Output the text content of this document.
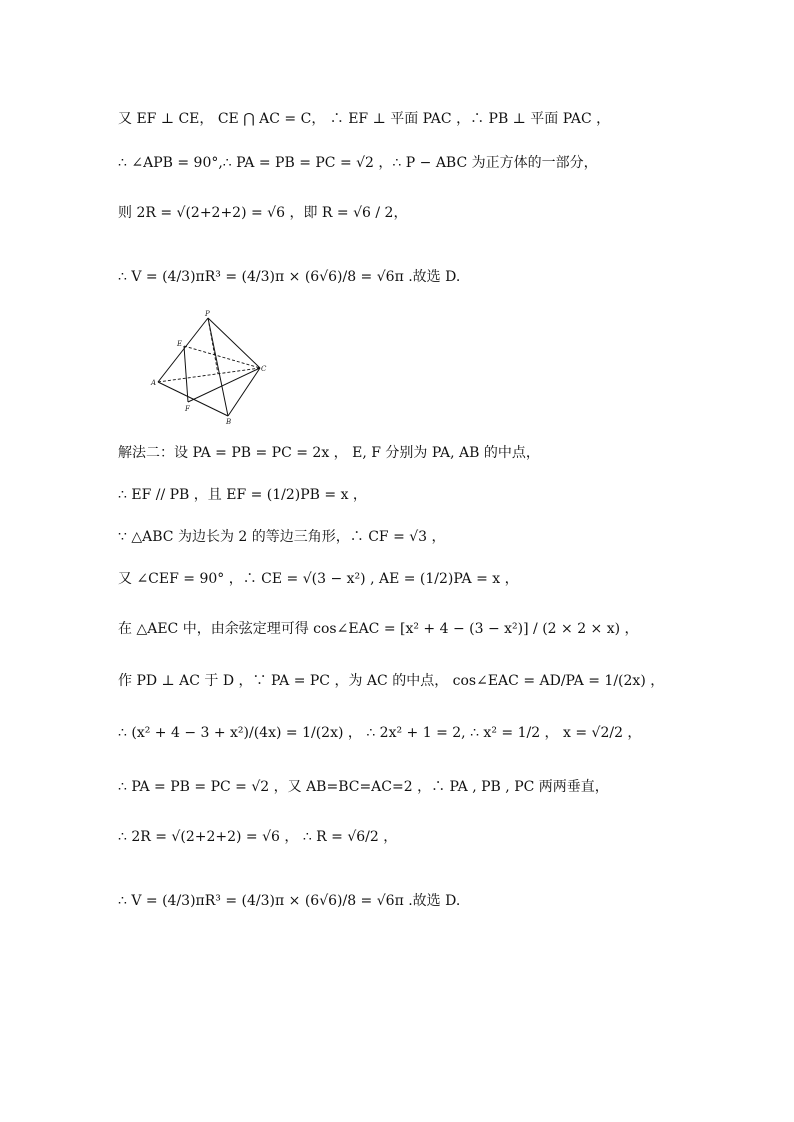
又 EF ⊥ CE， CE ⋂ AC = C， ∴ EF ⊥ 平面 PAC ，∴ PB ⊥ 平面 PAC ，
∴ ∠APB = 90°,∴ PA = PB = PC = √2 ，∴ P − ABC 为正方体的一部分，
则 2R = √(2+2+2) = √6 ，即 R = √6 / 2，
∴ V = (4/3)πR³ = (4/3)π × (6√6)/8 = √6π .故选 D.
P
E
A
F
B
C
解法二：设 PA = PB = PC = 2x ， E, F 分别为 PA, AB 的中点，
∴ EF // PB ，且 EF = (1/2)PB = x ，
∵ △ABC 为边长为 2 的等边三角形，∴ CF = √3 ，
又 ∠CEF = 90° ，∴ CE = √(3 − x²) , AE = (1/2)PA = x ，
在 △AEC 中，由余弦定理可得 cos∠EAC = [x² + 4 − (3 − x²)] / (2 × 2 × x) ，
作 PD ⊥ AC 于 D ，∵ PA = PC ，为 AC 的中点， cos∠EAC = AD/PA = 1/(2x) ，
∴ (x² + 4 − 3 + x²)/(4x) = 1/(2x) ， ∴ 2x² + 1 = 2, ∴ x² = 1/2 ， x = √2/2 ，
∴ PA = PB = PC = √2 ，又 AB=BC=AC=2 ，∴ PA , PB , PC 两两垂直，
∴ 2R = √(2+2+2) = √6 ， ∴ R = √6/2 ，
∴ V = (4/3)πR³ = (4/3)π × (6√6)/8 = √6π .故选 D.
